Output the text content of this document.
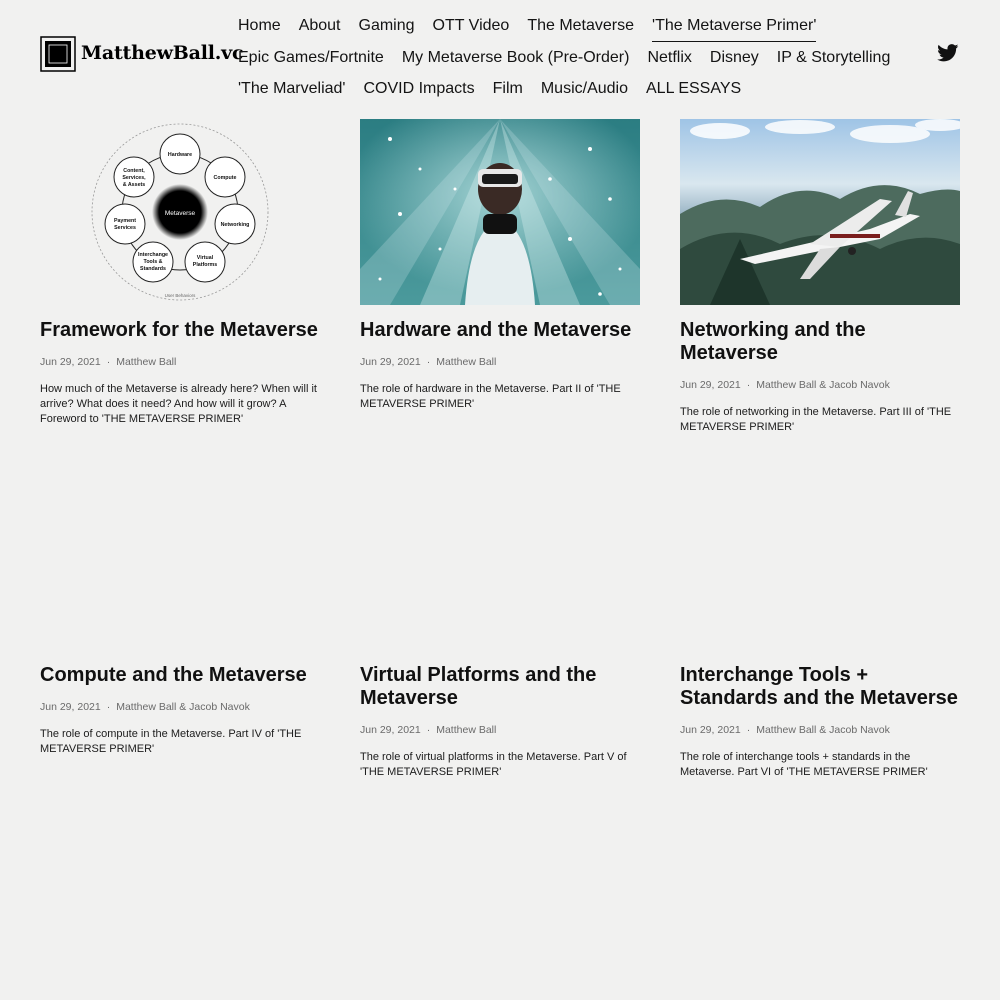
MatthewBall.vc
Home About Gaming OTT Video The Metaverse 'The Metaverse Primer'
Epic Games/Fortnite My Metaverse Book (Pre-Order) Netflix Disney IP & Storytelling
'The Marveliad' COVID Impacts Film Music/Audio ALL ESSAYS
Metaverse
Hardware
Compute
Networking
Virtual
Platforms
Interchange
Tools &
Standards
Payment
Services
Content,
Services,
& Assets
User Behaviors
Framework for the Metaverse
Jun 29, 2021 · Matthew Ball
How much of the Metaverse is already here? When will it arrive? What does it need? And how will it grow? A Foreword to 'THE METAVERSE PRIMER'
Hardware and the Metaverse
Jun 29, 2021 · Matthew Ball
The role of hardware in the Metaverse. Part II of 'THE METAVERSE PRIMER'
Networking and the Metaverse
Jun 29, 2021 · Matthew Ball & Jacob Navok
The role of networking in the Metaverse. Part III of 'THE METAVERSE PRIMER'
Compute and the Metaverse
Jun 29, 2021 · Matthew Ball & Jacob Navok
The role of compute in the Metaverse. Part IV of 'THE METAVERSE PRIMER'
Virtual Platforms and the Metaverse
Jun 29, 2021 · Matthew Ball
The role of virtual platforms in the Metaverse. Part V of 'THE METAVERSE PRIMER'
Interchange Tools + Standards and the Metaverse
Jun 29, 2021 · Matthew Ball & Jacob Navok
The role of interchange tools + standards in the Metaverse. Part VI of 'THE METAVERSE PRIMER'
